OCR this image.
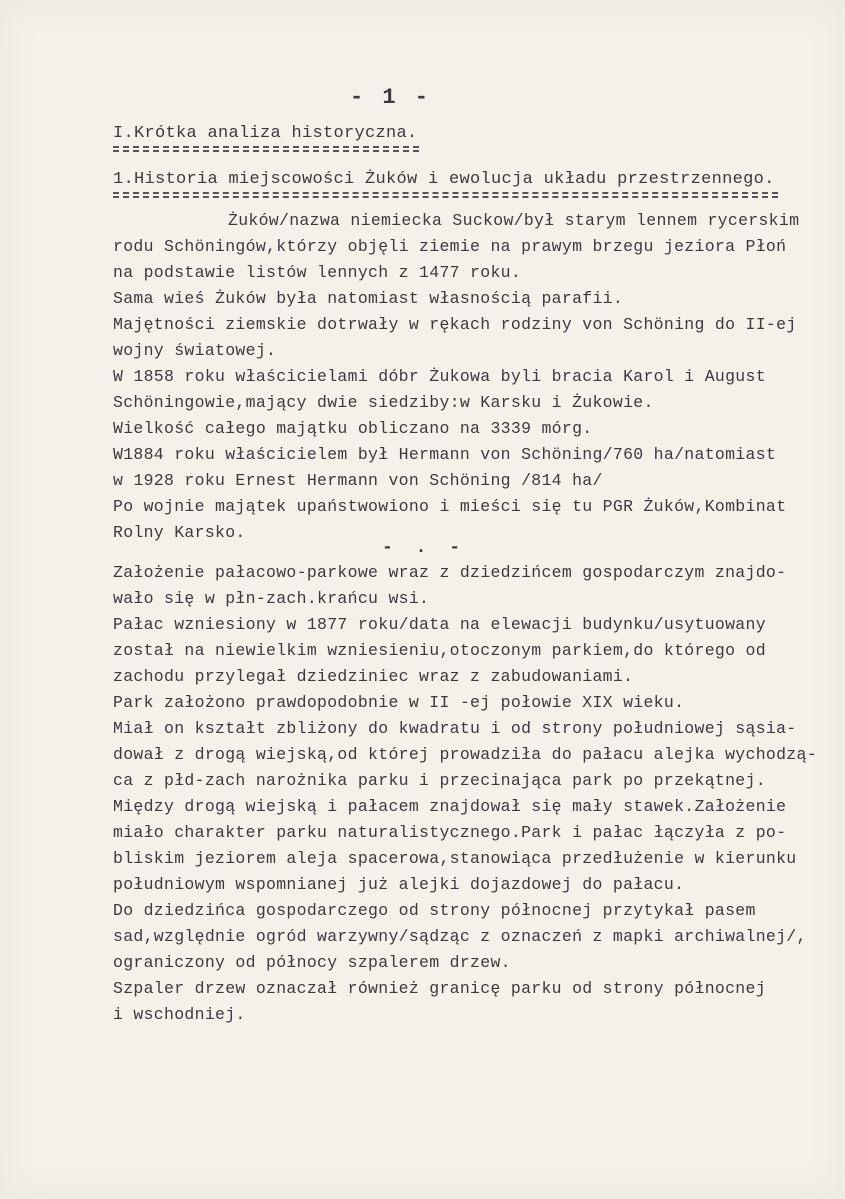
- 1 -
I.Krótka analiza historyczna.
1.Historia miejscowości Żuków i ewolucja układu przestrzennego.
Żuków/nazwa niemiecka Suckow/był starym lennem rycerskim
rodu Schöningów,którzy objęli ziemie na prawym brzegu jeziora Płoń
na podstawie listów lennych z 1477 roku.
Sama wieś Żuków była natomiast własnością parafii.
Majętności ziemskie dotrwały w rękach rodziny von Schöning do II-ej
wojny światowej.
W 1858 roku właścicielami dóbr Żukowa byli bracia Karol i August
Schöningowie,mający dwie siedziby:w Karsku i Żukowie.
Wielkość całego majątku obliczano na 3339 mórg.
W1884 roku właścicielem był Hermann von Schöning/760 ha/natomiast
w 1928 roku Ernest Hermann von Schöning /814 ha/
Po wojnie majątek upaństwowiono i mieści się tu PGR Żuków,Kombinat
Rolny Karsko.
- . -
Założenie pałacowo-parkowe wraz z dziedzińcem gospodarczym znajdo-
wało się w płn-zach.krańcu wsi.
Pałac wzniesiony w 1877 roku/data na elewacji budynku/usytuowany
został na niewielkim wzniesieniu,otoczonym parkiem,do którego od
zachodu przylegał dziedziniec wraz z zabudowaniami.
Park założono prawdopodobnie w II -ej połowie XIX wieku.
Miał on kształt zbliżony do kwadratu i od strony południowej sąsia-
dował z drogą wiejską,od której prowadziła do pałacu alejka wychodzą-
ca z płd-zach narożnika parku i przecinająca park po przekątnej.
Między drogą wiejską i pałacem znajdował się mały stawek.Założenie
miało charakter parku naturalistycznego.Park i pałac łączyła z po-
bliskim jeziorem aleja spacerowa,stanowiąca przedłużenie w kierunku
południowym wspomnianej już alejki dojazdowej do pałacu.
Do dziedzińca gospodarczego od strony północnej przytykał pasem
sad,względnie ogród warzywny/sądząc z oznaczeń z mapki archiwalnej/,
ograniczony od północy szpalerem drzew.
Szpaler drzew oznaczał również granicę parku od strony północnej
i wschodniej.
